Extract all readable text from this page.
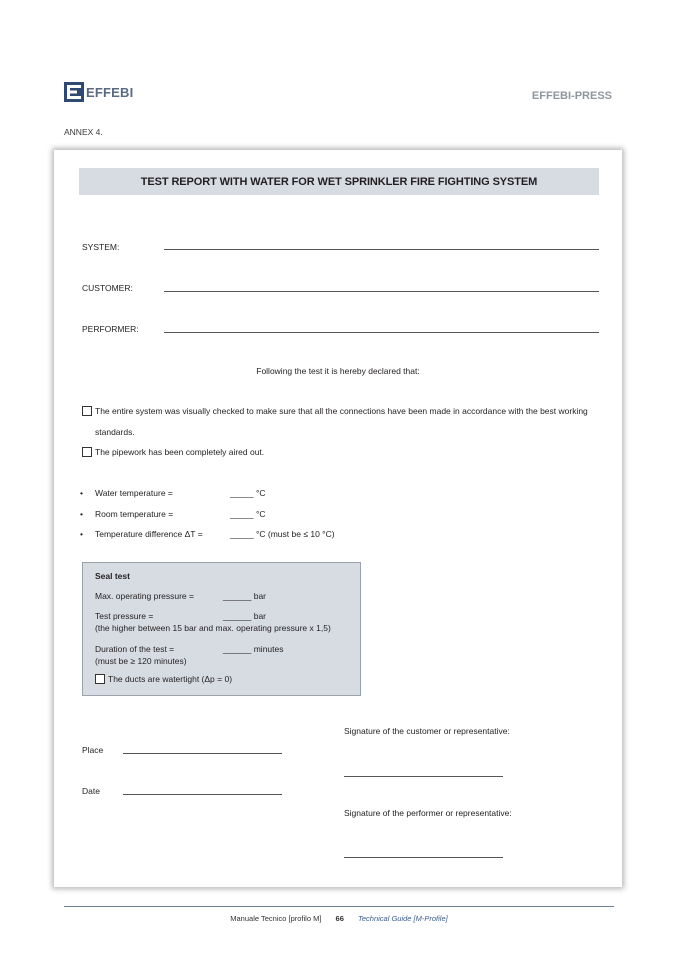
EFFEBI	EFFEBI-PRESS
ANNEX 4.
TEST REPORT WITH WATER FOR WET SPRINKLER FIRE FIGHTING SYSTEM
SYSTEM:
CUSTOMER:
PERFORMER:
Following the test it is hereby declared that:
The entire system was visually checked to make sure that all the connections have been made in accordance with the best working standards.
The pipework has been completely aired out.
• Water temperature =	_____ °C
• Room temperature =	_____ °C
• Temperature difference ΔT =	_____ °C (must be ≤ 10 °C)
Seal test
Max. operating pressure =	______ bar
Test pressure =	______ bar
(the higher between 15 bar and max. operating pressure x 1,5)
Duration of the test =	______ minutes
(must be ≥ 120 minutes)
The ducts are watertight (Δp = 0)
Place
Date
Signature of the customer or representative:
Signature of the performer or representative:
Manuale Tecnico [profilo M] 66 Technical Guide [M-Profile]
